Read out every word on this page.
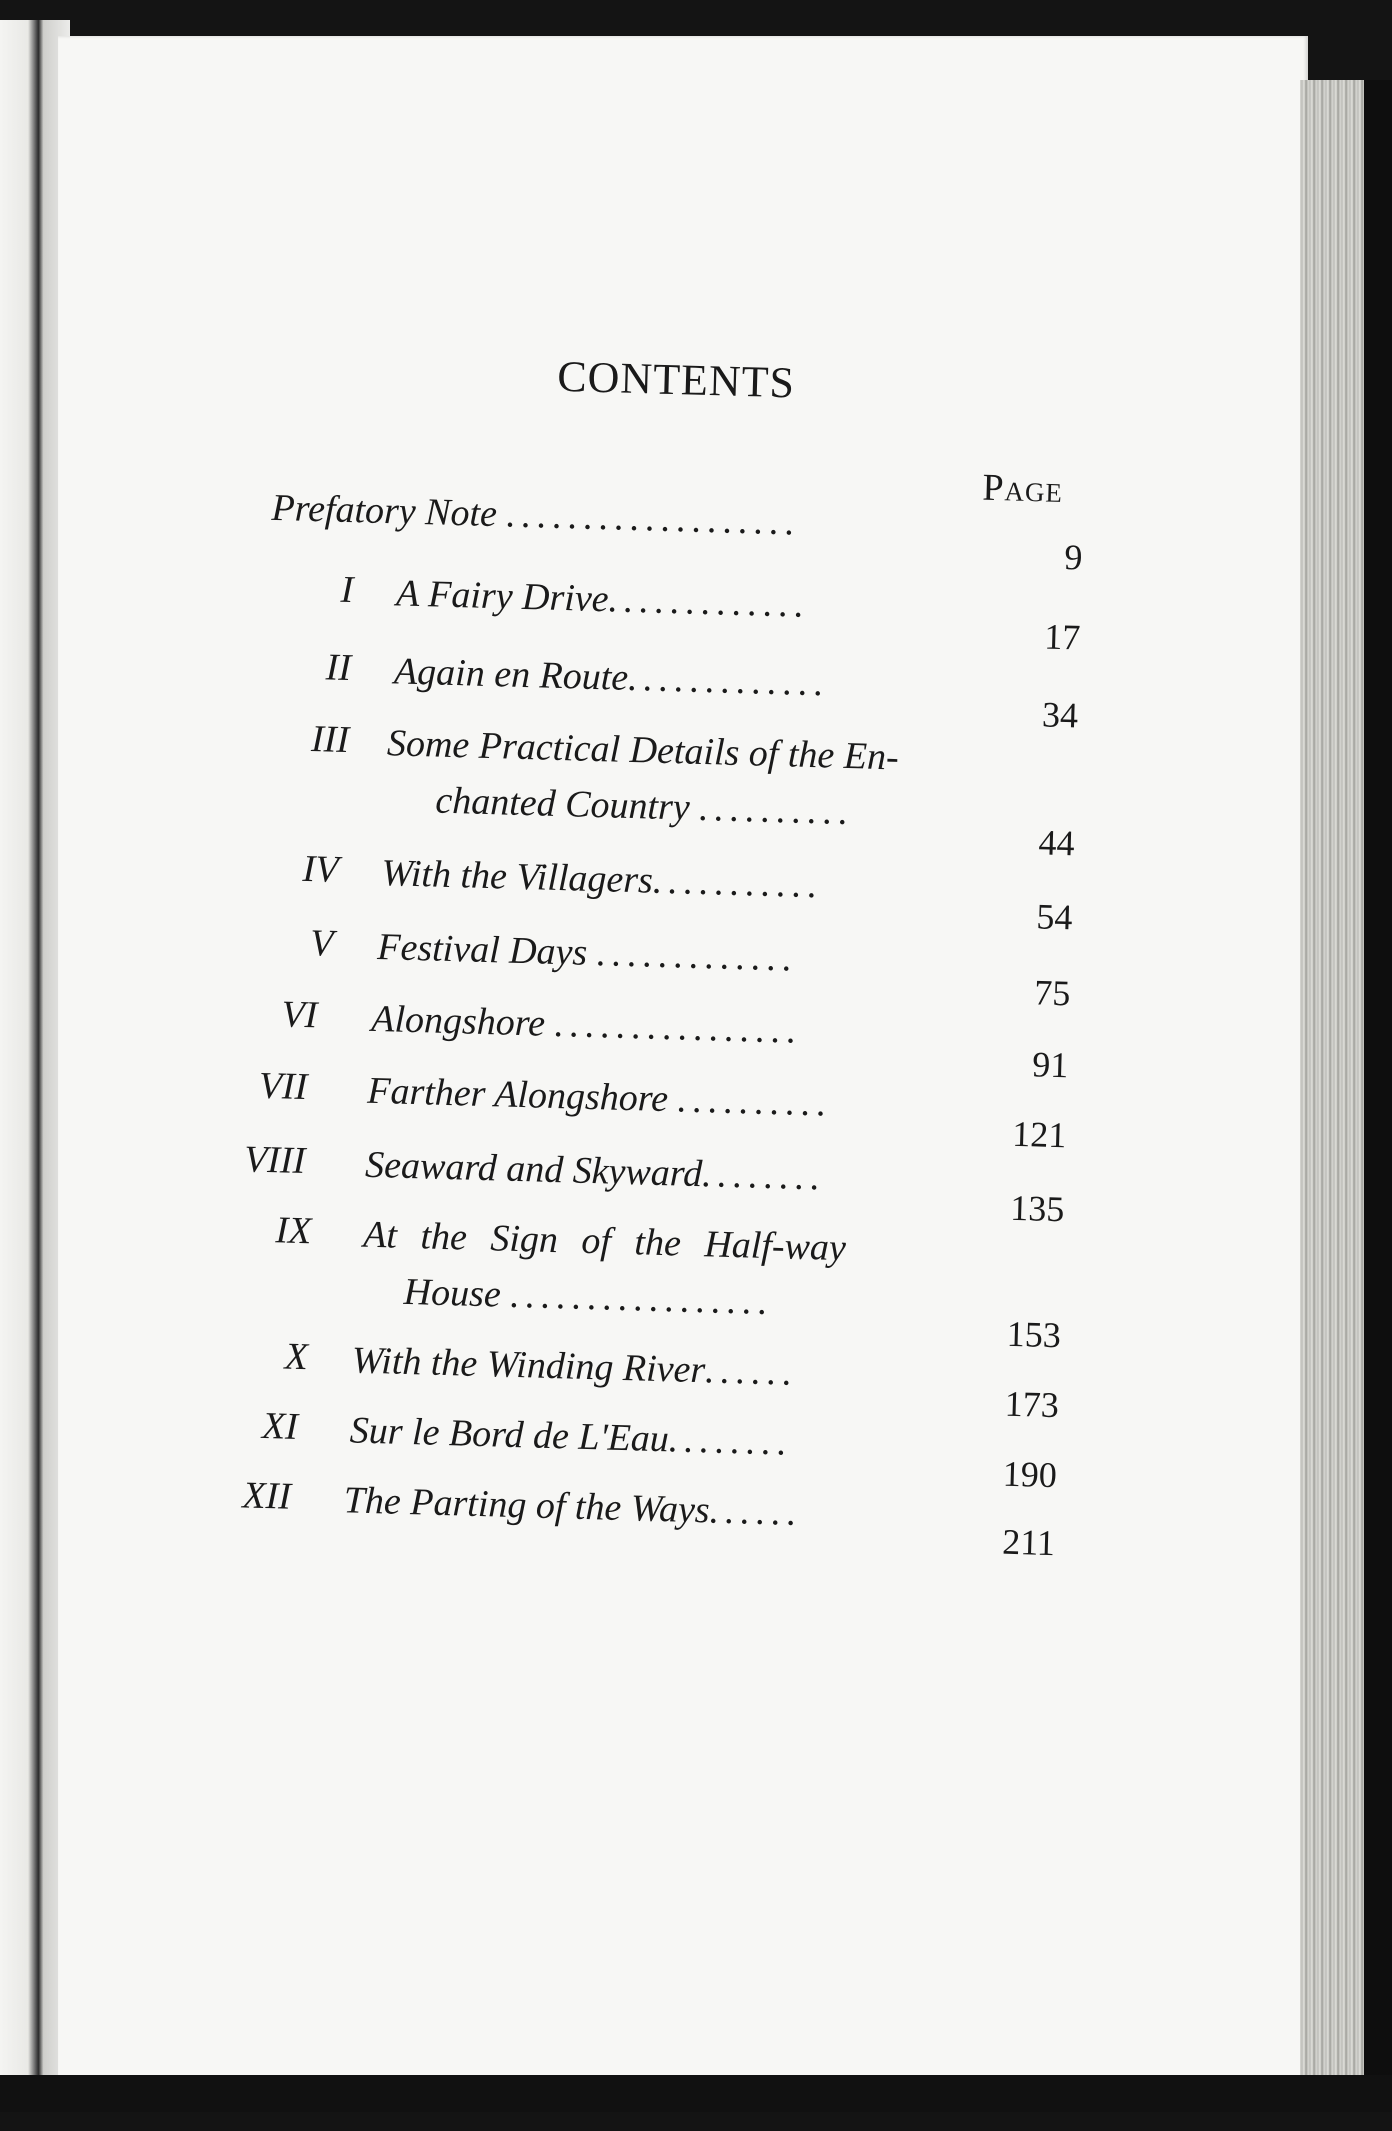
CONTENTS
Page
Prefatory Note ...................
9
I A Fairy Drive.............
17
II Again en Route.............
34
III Some Practical Details of the En-
chanted Country ..........
44
IV With the Villagers...........
54
V Festival Days .............
75
VI Alongshore ................
91
VII Farther Alongshore ..........
121
VIII Seaward and Skyward........
135
IX At the Sign of the Half-way
House .................
153
X With the Winding River......
173
XI Sur le Bord de L'Eau........
190
XII The Parting of the Ways......
211
